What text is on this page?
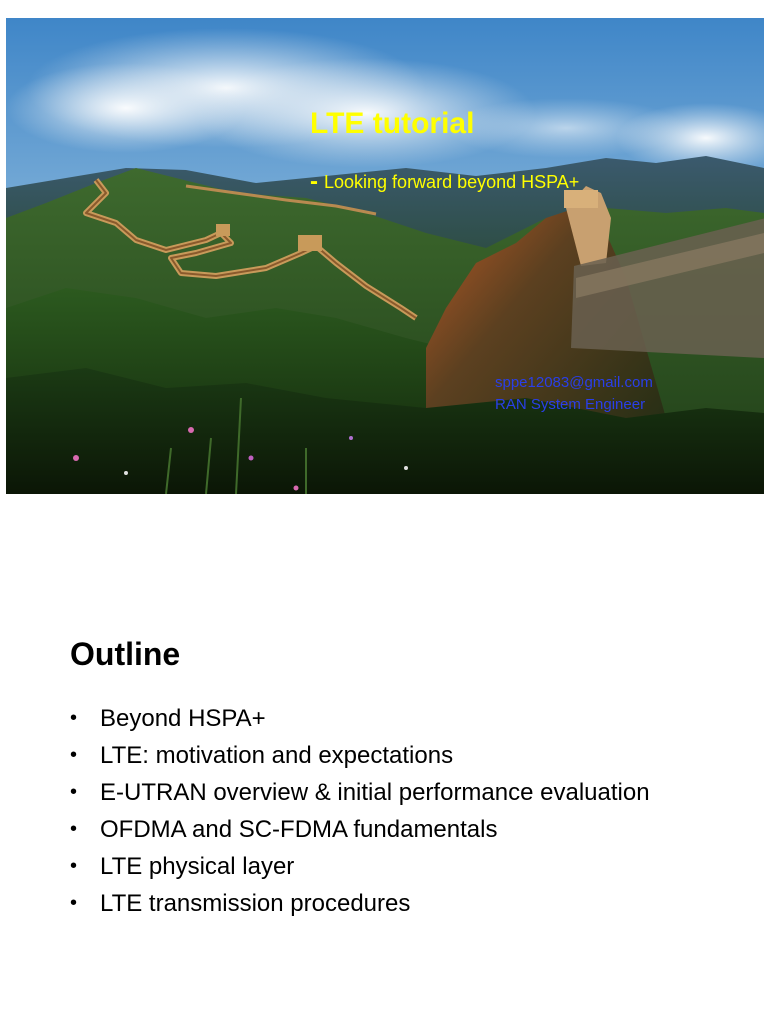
LTE tutorial
- Looking forward beyond HSPA+
sppe12083@gmail.com
RAN System Engineer
Outline
• Beyond HSPA+
• LTE: motivation and expectations
• E-UTRAN overview & initial performance evaluation
• OFDMA and SC-FDMA fundamentals
• LTE physical layer
• LTE transmission procedures
